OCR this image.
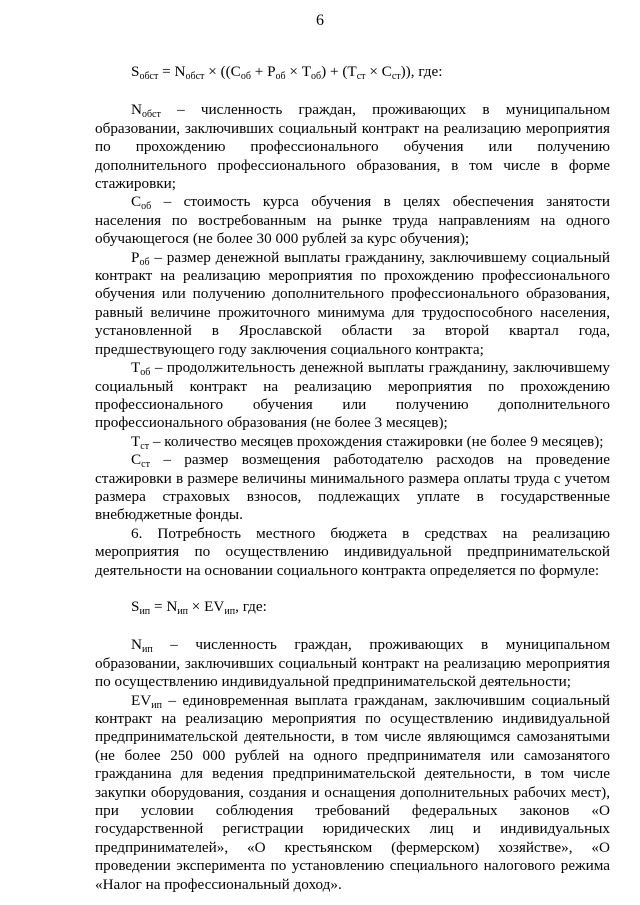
6
$S_{обст} = N_{обст} \times ((C_{об} + P_{об} \times T_{об}) + (T_{ст} \times C_{ст}))$, где:

$N_{обст}$ – численность граждан, проживающих в муниципальном образовании, заключивших социальный контракт на реализацию мероприятия по прохождению профессионального обучения или получению дополнительного профессионального образования, в том числе в форме стажировки;

$C_{об}$ – стоимость курса обучения в целях обеспечения занятости населения по востребованным на рынке труда направлениям на одного обучающегося (не более 30 000 рублей за курс обучения);

$P_{об}$ – размер денежной выплаты гражданину, заключившему социальный контракт на реализацию мероприятия по прохождению профессионального обучения или получению дополнительного профессионального образования, равный величине прожиточного минимума для трудоспособного населения, установленной в Ярославской области за второй квартал года, предшествующего году заключения социального контракта;

$T_{об}$ – продолжительность денежной выплаты гражданину, заключившему социальный контракт на реализацию мероприятия по прохождению профессионального обучения или получению дополнительного профессионального образования (не более 3 месяцев);

$T_{ст}$ – количество месяцев прохождения стажировки (не более 9 месяцев);

$C_{ст}$ – размер возмещения работодателю расходов на проведение стажировки в размере величины минимального размера оплаты труда с учетом размера страховых взносов, подлежащих уплате в государственные внебюджетные фонды.

6. Потребность местного бюджета в средствах на реализацию мероприятия по осуществлению индивидуальной предпринимательской деятельности на основании социального контракта определяется по формуле:

$S_{ип} = N_{ип} \times EV_{ип}$, где:

$N_{ип}$ – численность граждан, проживающих в муниципальном образовании, заключивших социальный контракт на реализацию мероприятия по осуществлению индивидуальной предпринимательской деятельности;

$EV_{ип}$ – единовременная выплата гражданам, заключившим социальный контракт на реализацию мероприятия по осуществлению индивидуальной предпринимательской деятельности, в том числе являющимся самозанятыми (не более 250 000 рублей на одного предпринимателя или самозанятого гражданина для ведения предпринимательской деятельности, в том числе закупки оборудования, создания и оснащения дополнительных рабочих мест), при условии соблюдения требований федеральных законов «О государственной регистрации юридических лиц и индивидуальных предпринимателей», «О крестьянском (фермерском) хозяйстве», «О проведении эксперимента по установлению специального налогового режима «Налог на профессиональный доход».
